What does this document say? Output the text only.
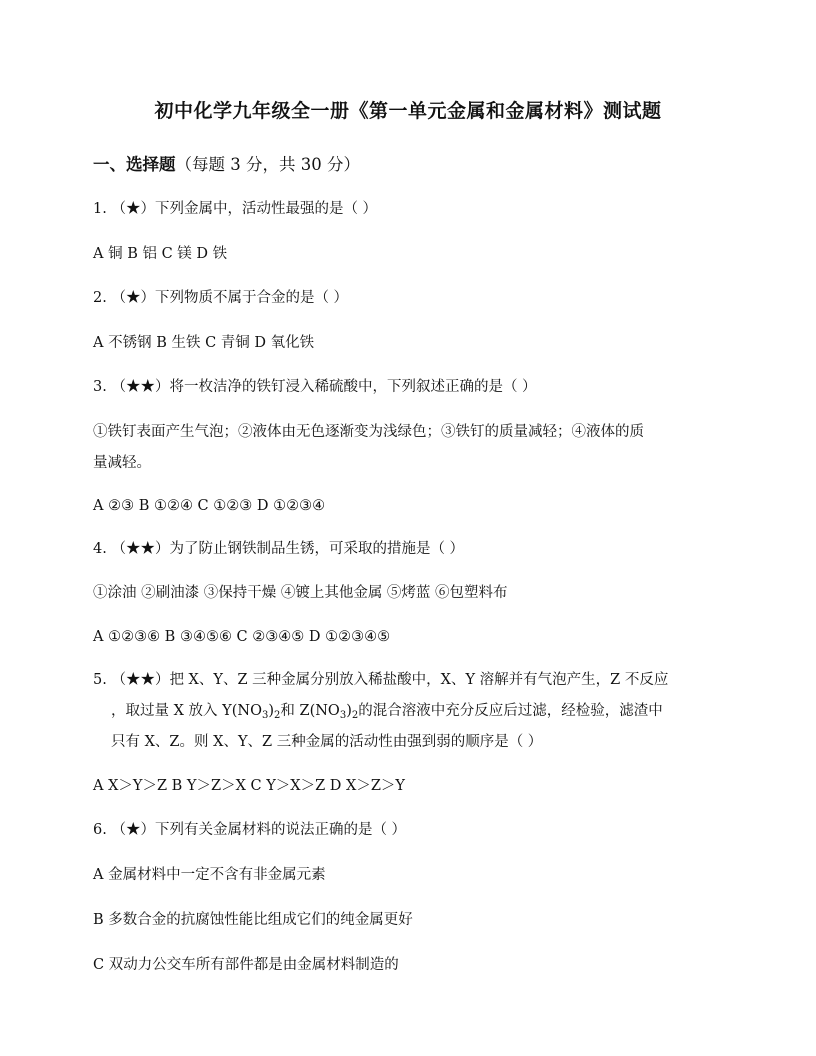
初中化学九年级全一册《第一单元金属和金属材料》测试题
一、选择题（每题 3 分，共 30 分）
1. （★）下列金属中，活动性最强的是（ ）
A 铜 B 铝 C 镁 D 铁
2. （★）下列物质不属于合金的是（ ）
A 不锈钢 B 生铁 C 青铜 D 氧化铁
3. （★★）将一枚洁净的铁钉浸入稀硫酸中，下列叙述正确的是（ ）
①铁钉表面产生气泡；②液体由无色逐渐变为浅绿色；③铁钉的质量减轻；④液体的质
量减轻。
A ②③ B ①②④ C ①②③ D ①②③④
4. （★★）为了防止钢铁制品生锈，可采取的措施是（ ）
①涂油 ②刷油漆 ③保持干燥 ④镀上其他金属 ⑤烤蓝 ⑥包塑料布
A ①②③⑥ B ③④⑤⑥ C ②③④⑤ D ①②③④⑤
5. （★★）把 X、Y、Z 三种金属分别放入稀盐酸中，X、Y 溶解并有气泡产生，Z 不反应
，取过量 X 放入 $Y(NO_3)_2$和 $Z(NO_3)_2$的混合溶液中充分反应后过滤，经检验，滤渣中
只有 X、Z。则 X、Y、Z 三种金属的活动性由强到弱的顺序是（ ）
A X＞Y＞Z B Y＞Z＞X C Y＞X＞Z D X＞Z＞Y
6. （★）下列有关金属材料的说法正确的是（ ）
A 金属材料中一定不含有非金属元素
B 多数合金的抗腐蚀性能比组成它们的纯金属更好
C 双动力公交车所有部件都是由金属材料制造的
